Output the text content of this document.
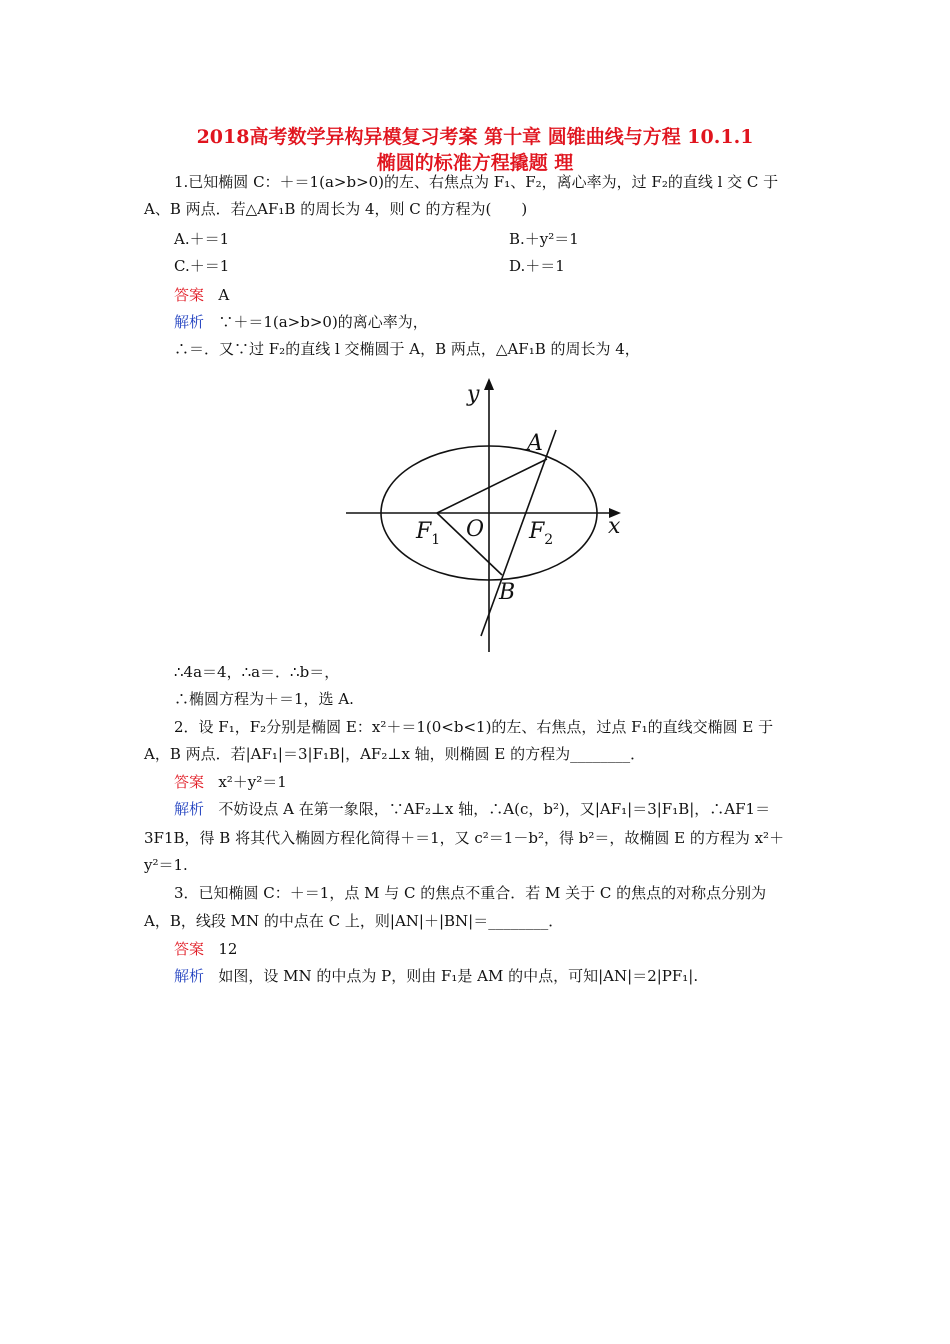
2018高考数学异构异模复习考案 第十章 圆锥曲线与方程 10.1.1
椭圆的标准方程撬题 理
1.已知椭圆 C：＋＝1(a>b>0)的左、右焦点为 F₁、F₂，离心率为，过 F₂的直线 l 交 C 于
A、B 两点．若△AF₁B 的周长为 4，则 C 的方程为(　　)
A.＋＝1	B.＋y²＝1
C.＋＝1	D.＋＝1
答案 A
解析 ∵＋＝1(a>b>0)的离心率为，
∴＝．又∵过 F₂的直线 l 交椭圆于 A，B 两点，△AF₁B 的周长为 4，
y
x
O
A
B
$F_1$	$F_2$
∴4a＝4，∴a＝．∴b＝，
∴椭圆方程为＋＝1，选 A.
2．设 F₁，F₂分别是椭圆 E：x²＋＝1(0<b<1)的左、右焦点，过点 F₁的直线交椭圆 E 于
A，B 两点．若|AF₁|＝3|F₁B|，AF₂⊥x 轴，则椭圆 E 的方程为________．
答案 x²＋y²＝1
解析 不妨设点 A 在第一象限，∵AF₂⊥x 轴，∴A(c，b²)，又|AF₁|＝3|F₁B|，∴AF1＝
3F1B，得 B 将其代入椭圆方程化简得＋＝1，又 c²＝1－b²，得 b²＝，故椭圆 E 的方程为 x²＋
y²＝1.
3．已知椭圆 C：＋＝1，点 M 与 C 的焦点不重合．若 M 关于 C 的焦点的对称点分别为
A，B，线段 MN 的中点在 C 上，则|AN|＋|BN|＝________．
答案 12
解析 如图，设 MN 的中点为 P，则由 F₁是 AM 的中点，可知|AN|＝2|PF₁|.
